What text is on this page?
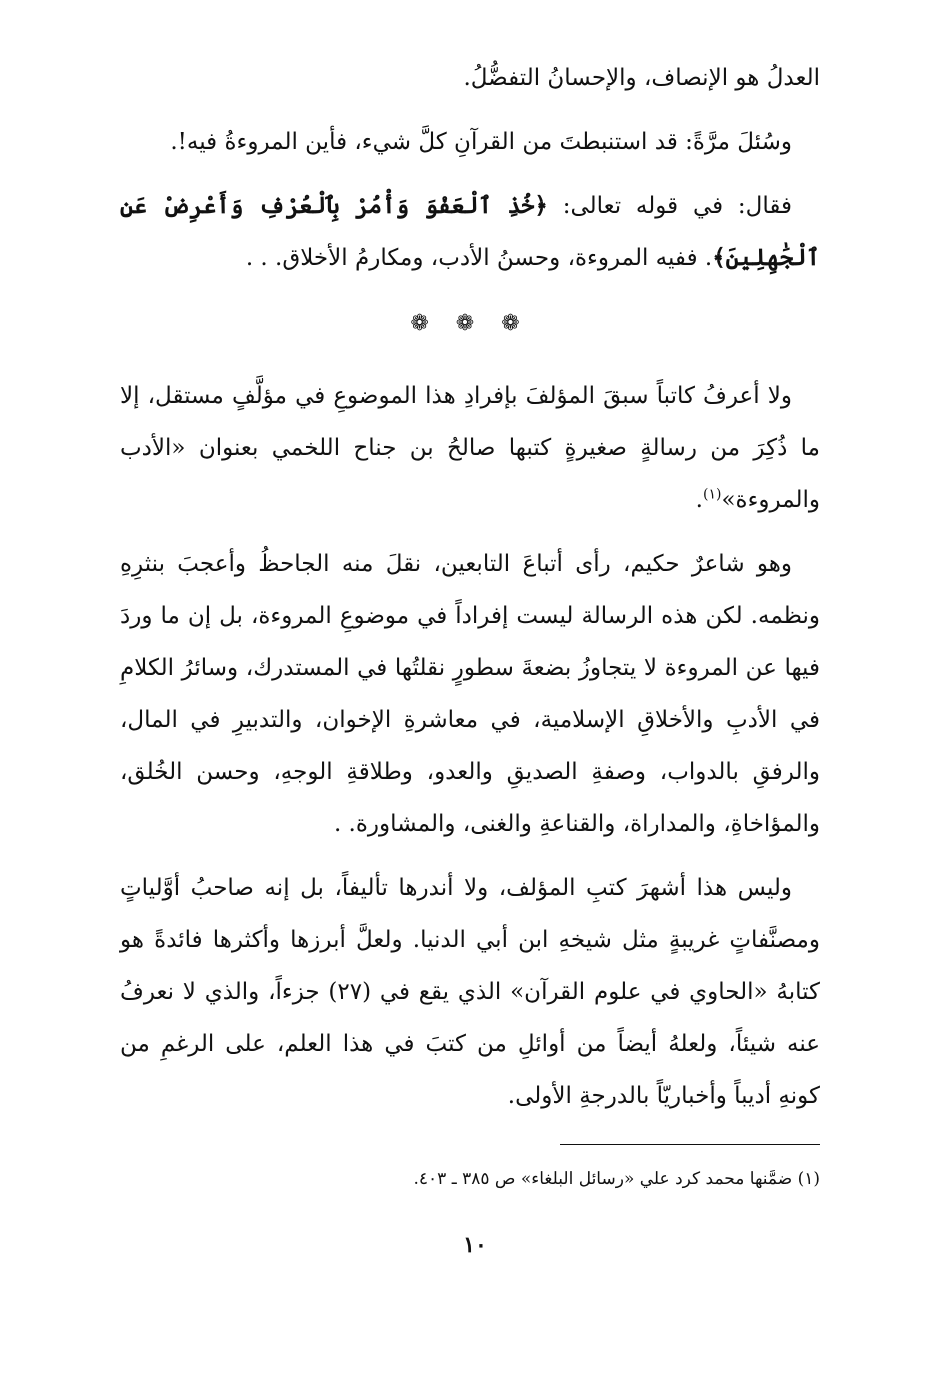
العدلُ هو الإنصاف، والإحسانُ التفضُّلُ.

وسُئلَ مرَّةً: قد استنبطتَ من القرآنِ كلَّ شيء، فأين المروءةُ فيه!.

فقال: في قوله تعالى: ﴿خُذِ ٱلْعَفْوَ وَأْمُرْ بِٱلْعُرْفِ وَأَعْرِضْ عَنِ ٱلْجَٰهِلِينَ﴾. ففيه المروءة، وحسنُ الأدب، ومكارمُ الأخلاق. . .

❁ ❁ ❁

ولا أعرفُ كاتباً سبقَ المؤلفَ بإفرادِ هذا الموضوعِ في مؤلَّفٍ مستقل، إلا ما ذُكِرَ من رسالةٍ صغيرةٍ كتبها صالحُ بن جناح اللخمي بعنوان «الأدب والمروءة»$^{(١)}$.

وهو شاعرٌ حكيم، رأى أتباعَ التابعين، نقلَ منه الجاحظُ وأعجبَ بنثرِهِ ونظمه. لكن هذه الرسالة ليست إفراداً في موضوعِ المروءة، بل إن ما وردَ فيها عن المروءة لا يتجاوزُ بضعةَ سطورٍ نقلتُها في المستدرك، وسائرُ الكلامِ في الأدبِ والأخلاقِ الإسلامية، في معاشرةِ الإخوان، والتدبيرِ في المال، والرفقِ بالدواب، وصفةِ الصديقِ والعدو، وطلاقةِ الوجهِ، وحسن الخُلق، والمؤاخاةِ، والمداراة، والقناعةِ والغنى، والمشاورة. .

وليس هذا أشهرَ كتبِ المؤلف، ولا أندرها تأليفاً، بل إنه صاحبُ أوَّلياتٍ ومصنَّفاتٍ غريبةٍ مثل شيخهِ ابن أبي الدنيا. ولعلَّ أبرزها وأكثرها فائدةً هو كتابهُ «الحاوي في علوم القرآن» الذي يقع في (٢٧) جزءاً، والذي لا نعرفُ عنه شيئاً، ولعلهُ أيضاً من أوائلِ من كتبَ في هذا العلم، على الرغمِ من كونهِ أديباً وأخباريّاً بالدرجةِ الأولى.

(١) ضمَّنها محمد كرد علي «رسائل البلغاء» ص ٣٨٥ ـ ٤٠٣.

١٠
